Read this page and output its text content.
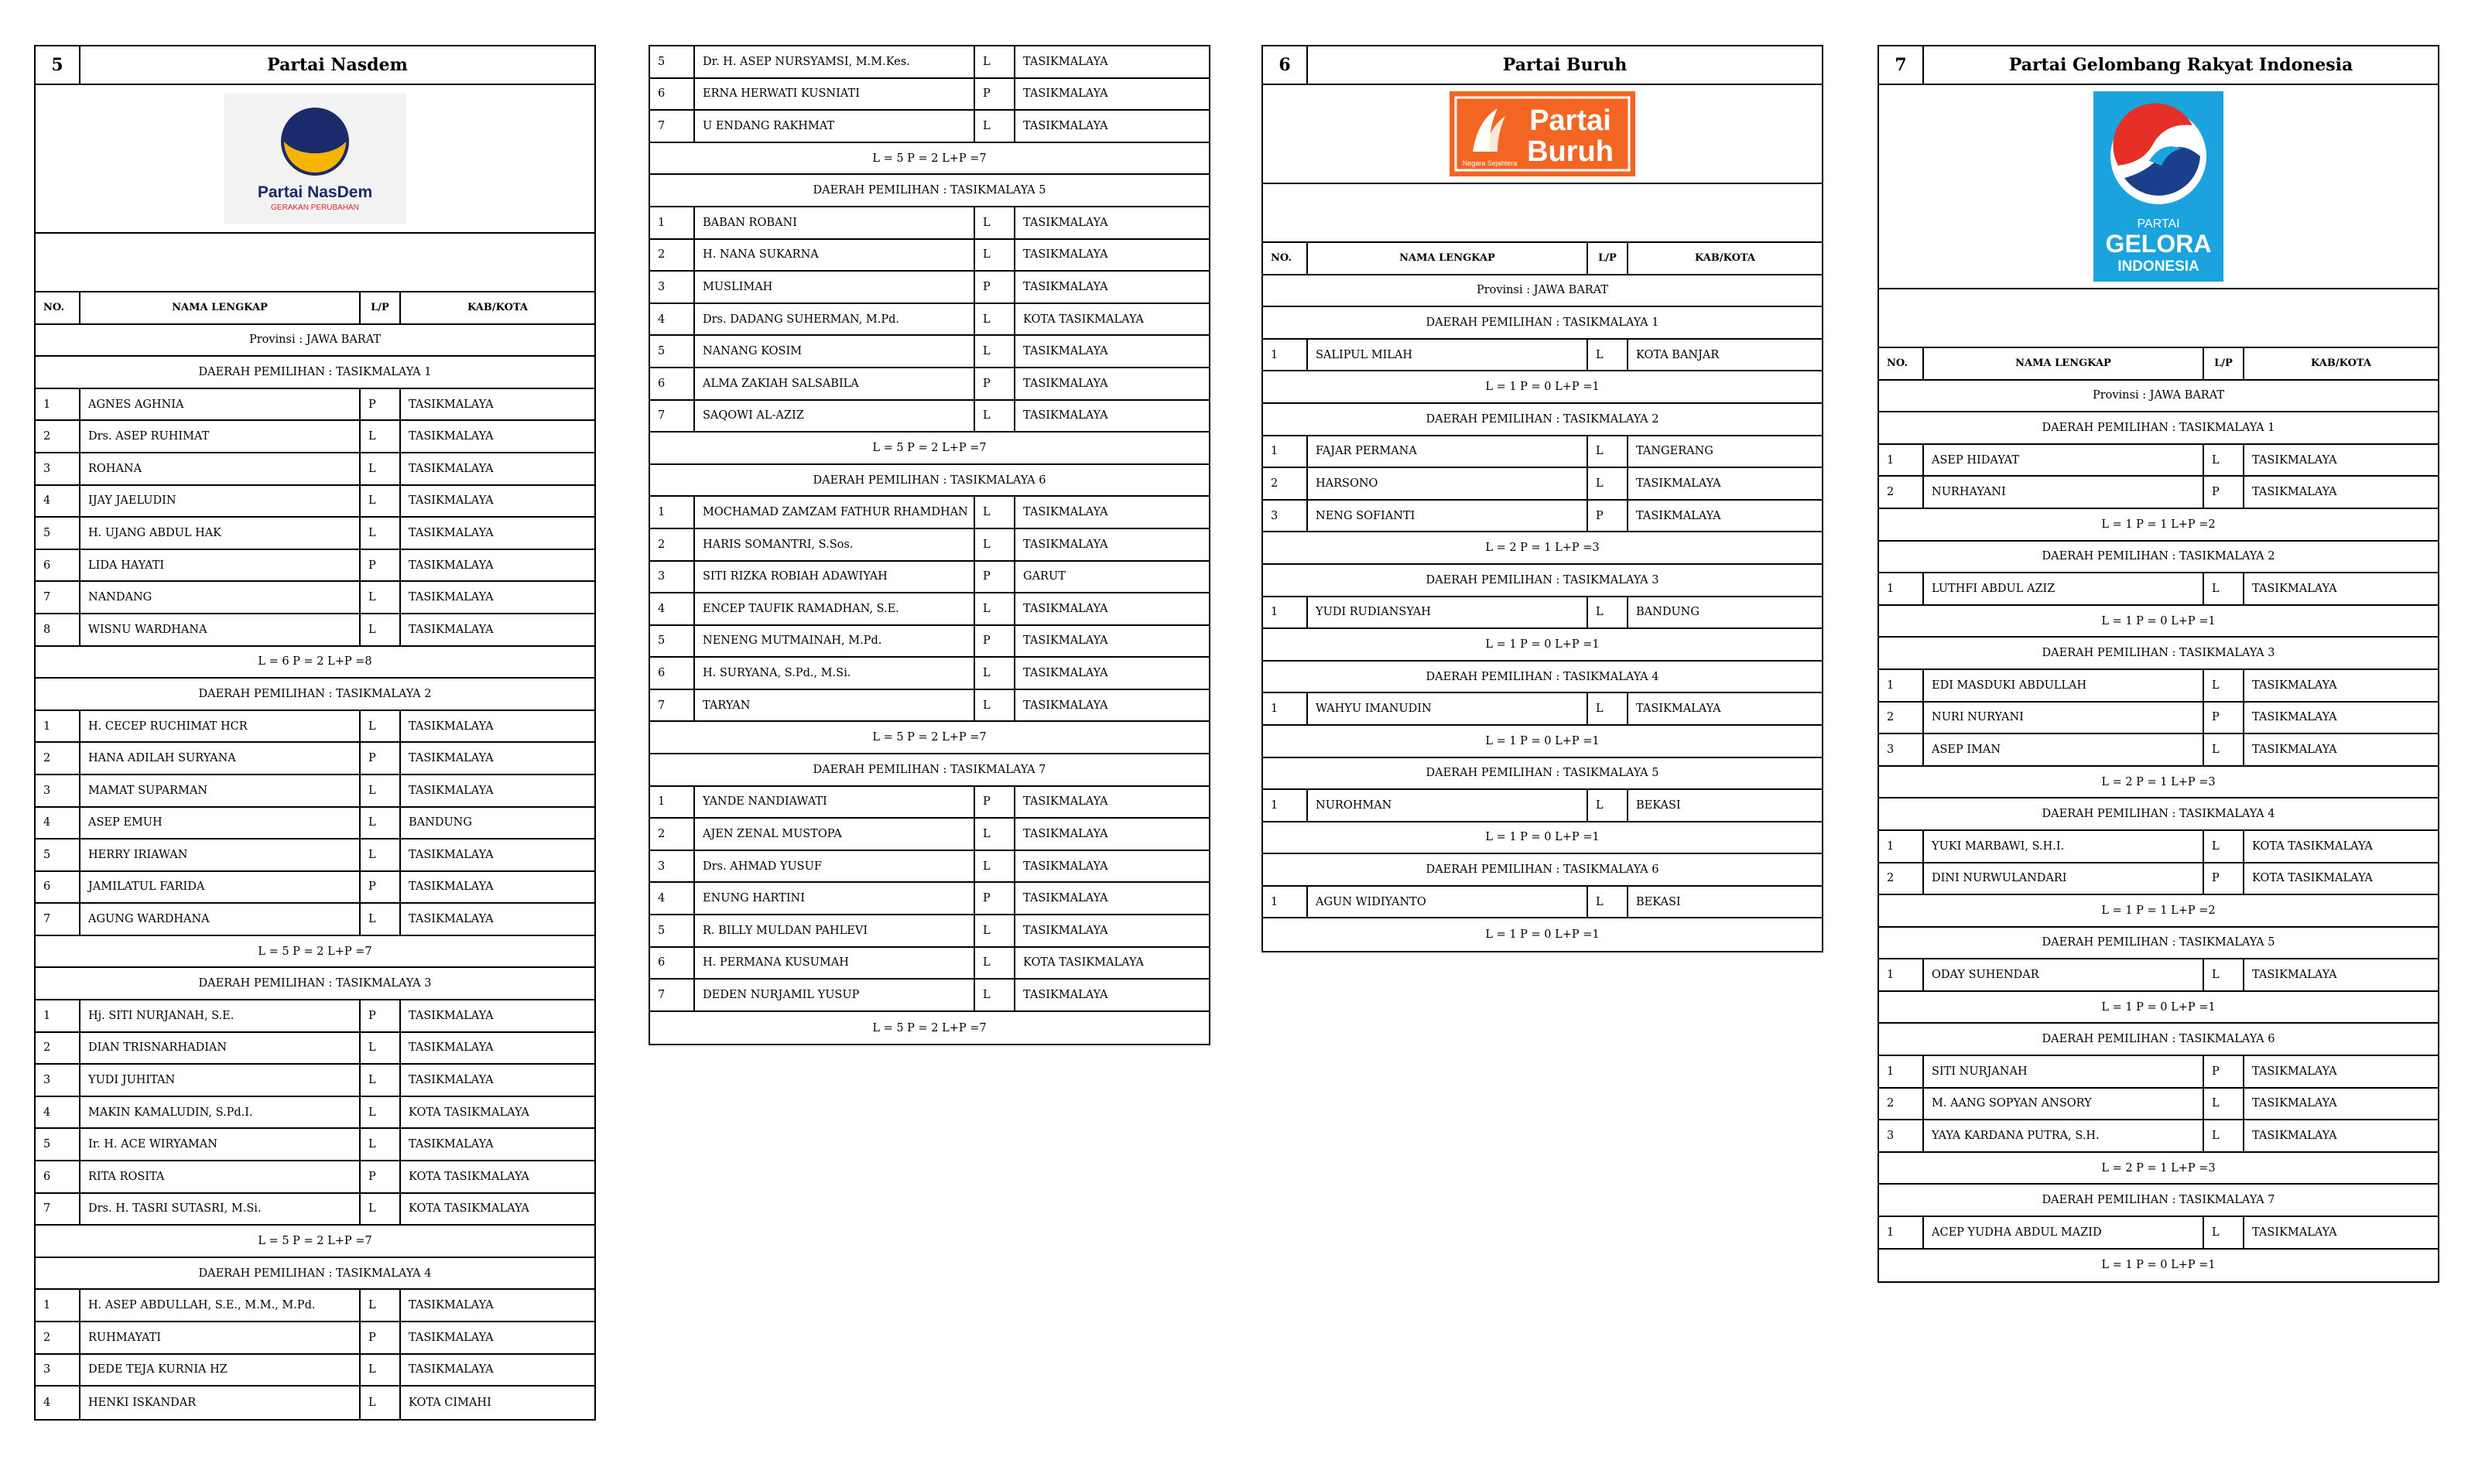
5	Partai Nasdem
Partai NasDem
GERAKAN PERUBAHAN
NO.	NAMA LENGKAP	L/P	KAB/KOTA
Provinsi : JAWA BARAT
DAERAH PEMILIHAN : TASIKMALAYA 1
1	AGNES AGHNIA	P	TASIKMALAYA
2	Drs. ASEP RUHIMAT	L	TASIKMALAYA
3	ROHANA	L	TASIKMALAYA
4	IJAY JAELUDIN	L	TASIKMALAYA
5	H. UJANG ABDUL HAK	L	TASIKMALAYA
6	LIDA HAYATI	P	TASIKMALAYA
7	NANDANG	L	TASIKMALAYA
8	WISNU WARDHANA	L	TASIKMALAYA
L = 6 P = 2 L+P =8
DAERAH PEMILIHAN : TASIKMALAYA 2
1	H. CECEP RUCHIMAT HCR	L	TASIKMALAYA
2	HANA ADILAH SURYANA	P	TASIKMALAYA
3	MAMAT SUPARMAN	L	TASIKMALAYA
4	ASEP EMUH	L	BANDUNG
5	HERRY IRIAWAN	L	TASIKMALAYA
6	JAMILATUL FARIDA	P	TASIKMALAYA
7	AGUNG WARDHANA	L	TASIKMALAYA
L = 5 P = 2 L+P =7
DAERAH PEMILIHAN : TASIKMALAYA 3
1	Hj. SITI NURJANAH, S.E.	P	TASIKMALAYA
2	DIAN TRISNARHADIAN	L	TASIKMALAYA
3	YUDI JUHITAN	L	TASIKMALAYA
4	MAKIN KAMALUDIN, S.Pd.I.	L	KOTA TASIKMALAYA
5	Ir. H. ACE WIRYAMAN	L	TASIKMALAYA
6	RITA ROSITA	P	KOTA TASIKMALAYA
7	Drs. H. TASRI SUTASRI, M.Si.	L	KOTA TASIKMALAYA
L = 5 P = 2 L+P =7
DAERAH PEMILIHAN : TASIKMALAYA 4
1	H. ASEP ABDULLAH, S.E., M.M., M.Pd.	L	TASIKMALAYA
2	RUHMAYATI	P	TASIKMALAYA
3	DEDE TEJA KURNIA HZ	L	TASIKMALAYA
4	HENKI ISKANDAR	L	KOTA CIMAHI
5	Dr. H. ASEP NURSYAMSI, M.M.Kes.	L	TASIKMALAYA
6	ERNA HERWATI KUSNIATI	P	TASIKMALAYA
7	U ENDANG RAKHMAT	L	TASIKMALAYA
L = 5 P = 2 L+P =7
DAERAH PEMILIHAN : TASIKMALAYA 5
1	BABAN ROBANI	L	TASIKMALAYA
2	H. NANA SUKARNA	L	TASIKMALAYA
3	MUSLIMAH	P	TASIKMALAYA
4	Drs. DADANG SUHERMAN, M.Pd.	L	KOTA TASIKMALAYA
5	NANANG KOSIM	L	TASIKMALAYA
6	ALMA ZAKIAH SALSABILA	P	TASIKMALAYA
7	SAQOWI AL-AZIZ	L	TASIKMALAYA
L = 5 P = 2 L+P =7
DAERAH PEMILIHAN : TASIKMALAYA 6
1	MOCHAMAD ZAMZAM FATHUR RHAMDHAN	L	TASIKMALAYA
2	HARIS SOMANTRI, S.Sos.	L	TASIKMALAYA
3	SITI RIZKA ROBIAH ADAWIYAH	P	GARUT
4	ENCEP TAUFIK RAMADHAN, S.E.	L	TASIKMALAYA
5	NENENG MUTMAINAH, M.Pd.	P	TASIKMALAYA
6	H. SURYANA, S.Pd., M.Si.	L	TASIKMALAYA
7	TARYAN	L	TASIKMALAYA
L = 5 P = 2 L+P =7
DAERAH PEMILIHAN : TASIKMALAYA 7
1	YANDE NANDIAWATI	P	TASIKMALAYA
2	AJEN ZENAL MUSTOPA	L	TASIKMALAYA
3	Drs. AHMAD YUSUF	L	TASIKMALAYA
4	ENUNG HARTINI	P	TASIKMALAYA
5	R. BILLY MULDAN PAHLEVI	L	TASIKMALAYA
6	H. PERMANA KUSUMAH	L	KOTA TASIKMALAYA
7	DEDEN NURJAMIL YUSUP	L	TASIKMALAYA
L = 5 P = 2 L+P =7
6	Partai Buruh
Partai
Buruh
Negara Sejahtera
NO.	NAMA LENGKAP	L/P	KAB/KOTA
Provinsi : JAWA BARAT
DAERAH PEMILIHAN : TASIKMALAYA 1
1	SALIPUL MILAH	L	KOTA BANJAR
L = 1 P = 0 L+P =1
DAERAH PEMILIHAN : TASIKMALAYA 2
1	FAJAR PERMANA	L	TANGERANG
2	HARSONO	L	TASIKMALAYA
3	NENG SOFIANTI	P	TASIKMALAYA
L = 2 P = 1 L+P =3
DAERAH PEMILIHAN : TASIKMALAYA 3
1	YUDI RUDIANSYAH	L	BANDUNG
L = 1 P = 0 L+P =1
DAERAH PEMILIHAN : TASIKMALAYA 4
1	WAHYU IMANUDIN	L	TASIKMALAYA
L = 1 P = 0 L+P =1
DAERAH PEMILIHAN : TASIKMALAYA 5
1	NUROHMAN	L	BEKASI
L = 1 P = 0 L+P =1
DAERAH PEMILIHAN : TASIKMALAYA 6
1	AGUN WIDIYANTO	L	BEKASI
L = 1 P = 0 L+P =1
7	Partai Gelombang Rakyat Indonesia
PARTAI
GELORA
INDONESIA
NO.	NAMA LENGKAP	L/P	KAB/KOTA
Provinsi : JAWA BARAT
DAERAH PEMILIHAN : TASIKMALAYA 1
1	ASEP HIDAYAT	L	TASIKMALAYA
2	NURHAYANI	P	TASIKMALAYA
L = 1 P = 1 L+P =2
DAERAH PEMILIHAN : TASIKMALAYA 2
1	LUTHFI ABDUL AZIZ	L	TASIKMALAYA
L = 1 P = 0 L+P =1
DAERAH PEMILIHAN : TASIKMALAYA 3
1	EDI MASDUKI ABDULLAH	L	TASIKMALAYA
2	NURI NURYANI	P	TASIKMALAYA
3	ASEP IMAN	L	TASIKMALAYA
L = 2 P = 1 L+P =3
DAERAH PEMILIHAN : TASIKMALAYA 4
1	YUKI MARBAWI, S.H.I.	L	KOTA TASIKMALAYA
2	DINI NURWULANDARI	P	KOTA TASIKMALAYA
L = 1 P = 1 L+P =2
DAERAH PEMILIHAN : TASIKMALAYA 5
1	ODAY SUHENDAR	L	TASIKMALAYA
L = 1 P = 0 L+P =1
DAERAH PEMILIHAN : TASIKMALAYA 6
1	SITI NURJANAH	P	TASIKMALAYA
2	M. AANG SOPYAN ANSORY	L	TASIKMALAYA
3	YAYA KARDANA PUTRA, S.H.	L	TASIKMALAYA
L = 2 P = 1 L+P =3
DAERAH PEMILIHAN : TASIKMALAYA 7
1	ACEP YUDHA ABDUL MAZID	L	TASIKMALAYA
L = 1 P = 0 L+P =1
